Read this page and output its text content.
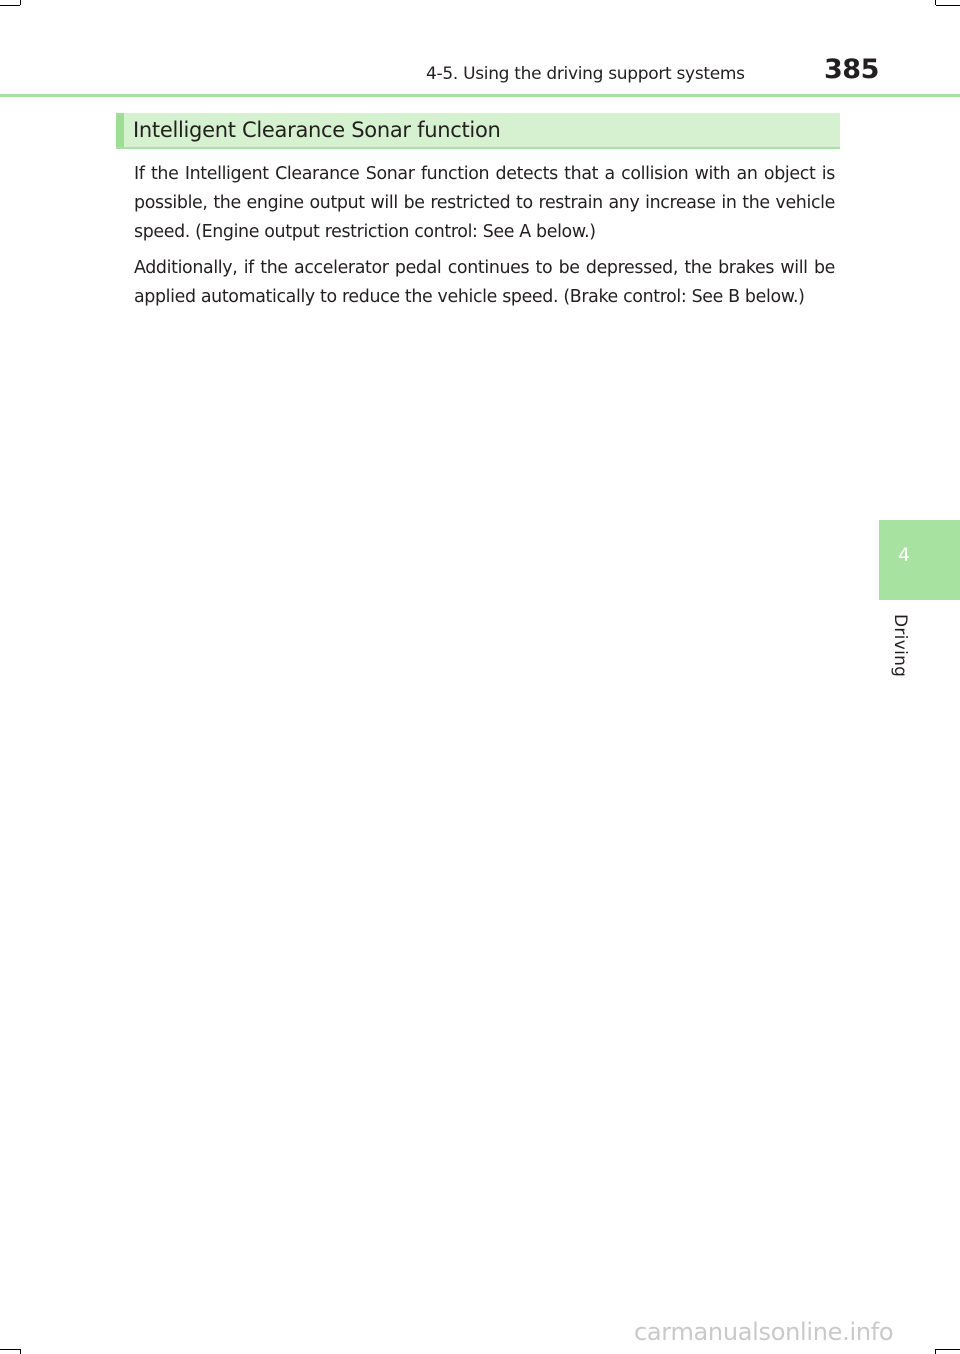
4-5. Using the driving support systems	385
Intelligent Clearance Sonar function

If the Intelligent Clearance Sonar function detects that a collision with an object is possible, the engine output will be restricted to restrain any increase in the vehicle speed. (Engine output restriction control: See A below.)

Additionally, if the accelerator pedal continues to be depressed, the brakes will be applied automatically to reduce the vehicle speed. (Brake control: See B below.)

4
Driving
carmanualsonline.info
